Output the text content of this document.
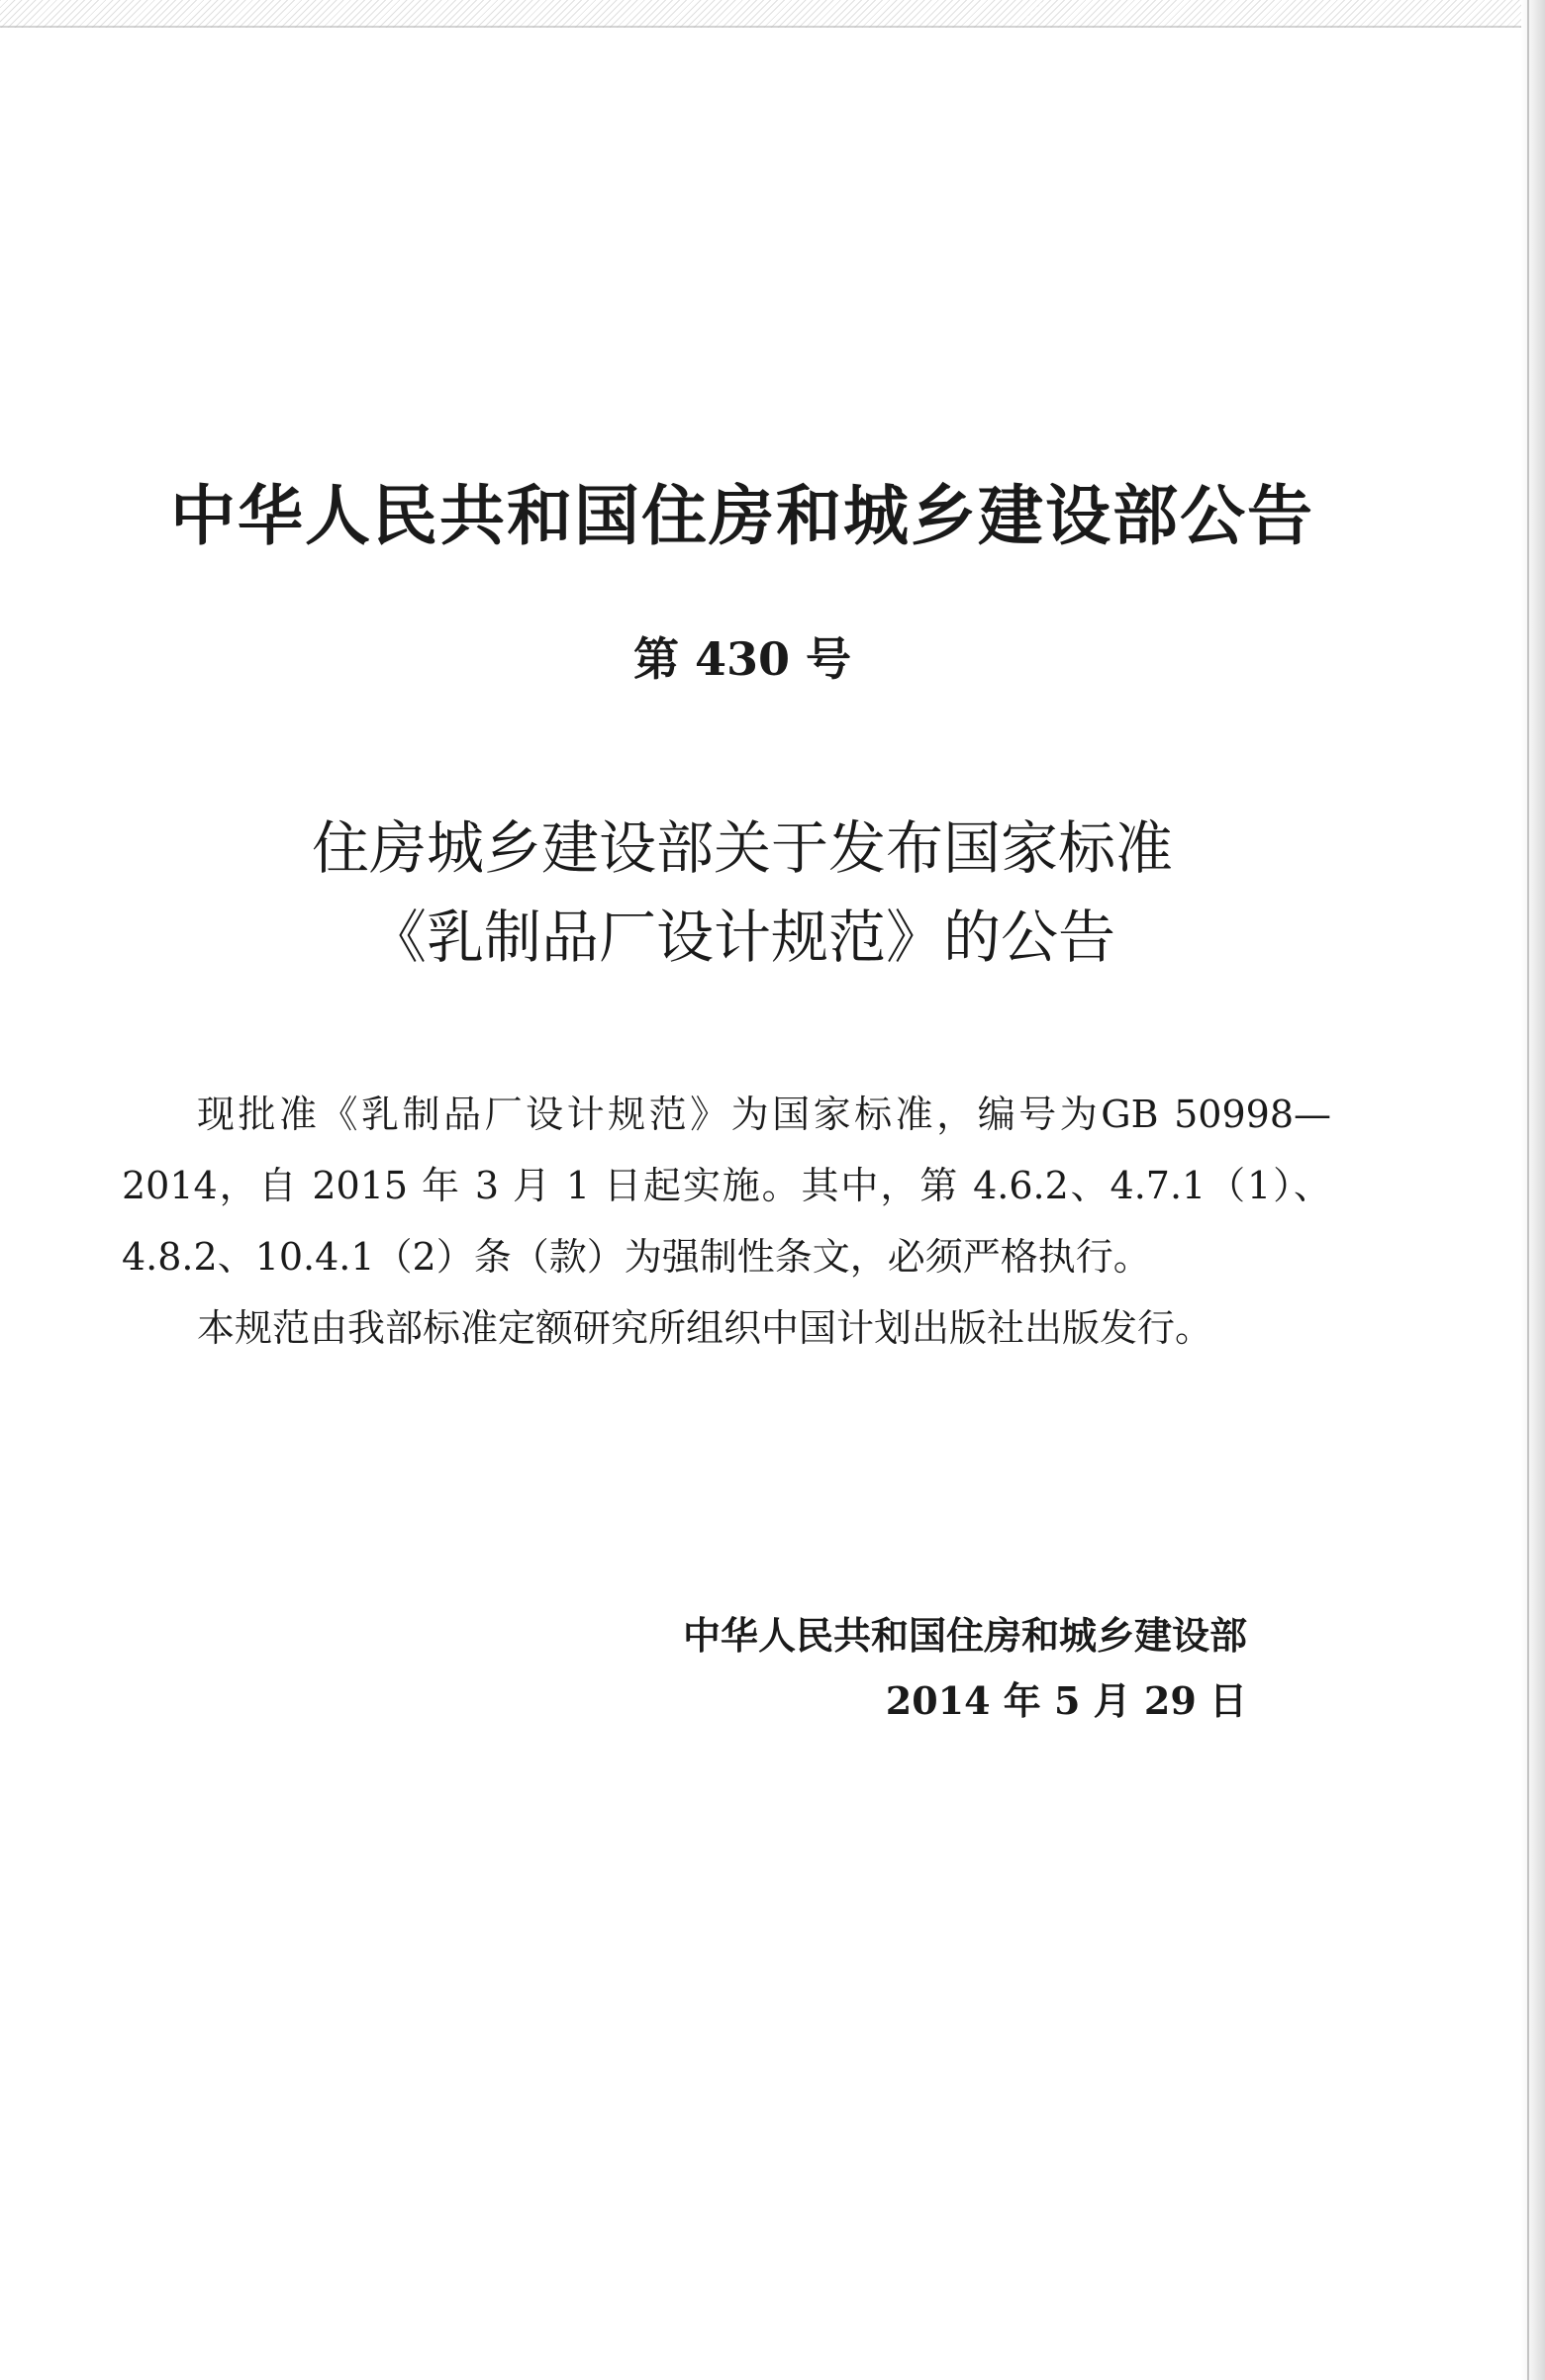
中华人民共和国住房和城乡建设部公告
第 430 号
住房城乡建设部关于发布国家标准
《乳制品厂设计规范》的公告

现批准《乳制品厂设计规范》为国家标准，编号为GB 50998—2014，自 2015 年 3 月 1 日起实施。其中，第 4.6.2、4.7.1（1）、4.8.2、10.4.1（2）条（款）为强制性条文，必须严格执行。

本规范由我部标准定额研究所组织中国计划出版社出版发行。

中华人民共和国住房和城乡建设部

2014 年 5 月 29 日
